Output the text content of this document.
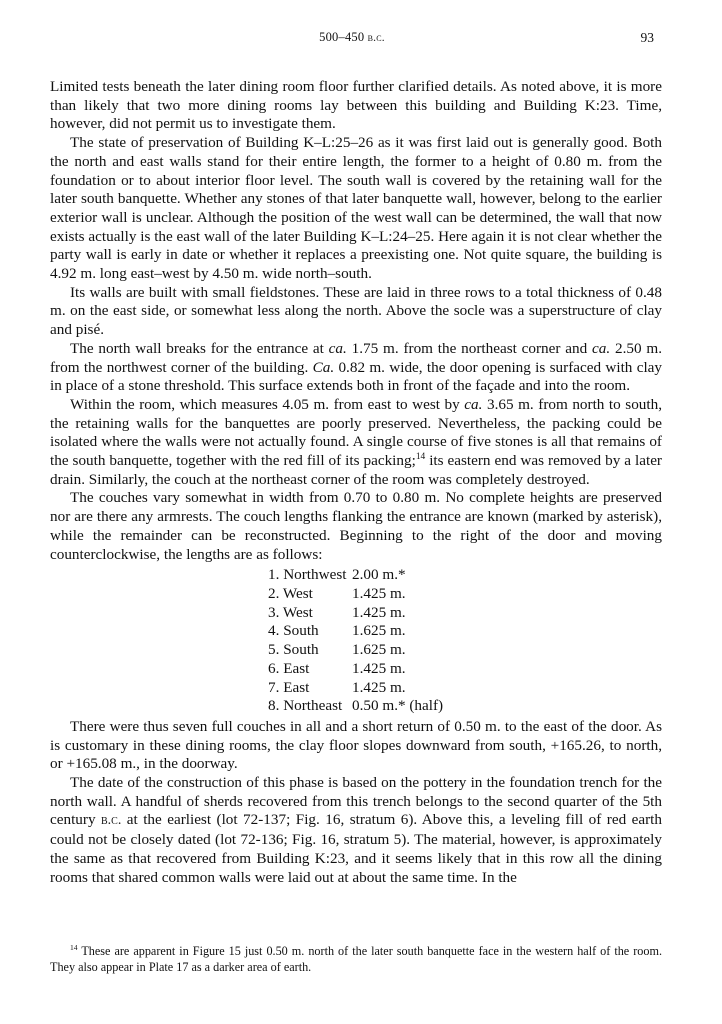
500–450 b.c.	93

Limited tests beneath the later dining room floor further clarified details. As noted above, it is more than likely that two more dining rooms lay between this building and Building K:23. Time, however, did not permit us to investigate them.

The state of preservation of Building K–L:25–26 as it was first laid out is generally good. Both the north and east walls stand for their entire length, the former to a height of 0.80 m. from the foundation or to about interior floor level. The south wall is covered by the retaining wall for the later south banquette. Whether any stones of that later banquette wall, however, belong to the earlier exterior wall is unclear. Although the position of the west wall can be determined, the wall that now exists actually is the east wall of the later Building K–L:24–25. Here again it is not clear whether the party wall is early in date or whether it replaces a preexisting one. Not quite square, the building is 4.92 m. long east–west by 4.50 m. wide north–south.

Its walls are built with small fieldstones. These are laid in three rows to a total thickness of 0.48 m. on the east side, or somewhat less along the north. Above the socle was a superstructure of clay and pisé.

The north wall breaks for the entrance at ca. 1.75 m. from the northeast corner and ca. 2.50 m. from the northwest corner of the building. Ca. 0.82 m. wide, the door opening is surfaced with clay in place of a stone threshold. This surface extends both in front of the façade and into the room.

Within the room, which measures 4.05 m. from east to west by ca. 3.65 m. from north to south, the retaining walls for the banquettes are poorly preserved. Nevertheless, the packing could be isolated where the walls were not actually found. A single course of five stones is all that remains of the south banquette, together with the red fill of its packing;$^{14}$ its eastern end was removed by a later drain. Similarly, the couch at the northeast corner of the room was completely destroyed.

The couches vary somewhat in width from 0.70 to 0.80 m. No complete heights are preserved nor are there any armrests. The couch lengths flanking the entrance are known (marked by asterisk), while the remainder can be reconstructed. Beginning to the right of the door and moving counterclockwise, the lengths are as follows:

1. Northwest	2.00 m.*
2. West	1.425 m.
3. West	1.425 m.
4. South	1.625 m.
5. South	1.625 m.
6. East	1.425 m.
7. East	1.425 m.
8. Northeast	0.50 m.* (half)

There were thus seven full couches in all and a short return of 0.50 m. to the east of the door. As is customary in these dining rooms, the clay floor slopes downward from south, +165.26, to north, or +165.08 m., in the doorway.

The date of the construction of this phase is based on the pottery in the foundation trench for the north wall. A handful of sherds recovered from this trench belongs to the second quarter of the 5th century b.c. at the earliest (lot 72-137; Fig. 16, stratum 6). Above this, a leveling fill of red earth could not be closely dated (lot 72-136; Fig. 16, stratum 5). The material, however, is approximately the same as that recovered from Building K:23, and it seems likely that in this row all the dining rooms that shared common walls were laid out at about the same time. In the

$^{14}$ These are apparent in Figure 15 just 0.50 m. north of the later south banquette face in the western half of the room. They also appear in Plate 17 as a darker area of earth.
